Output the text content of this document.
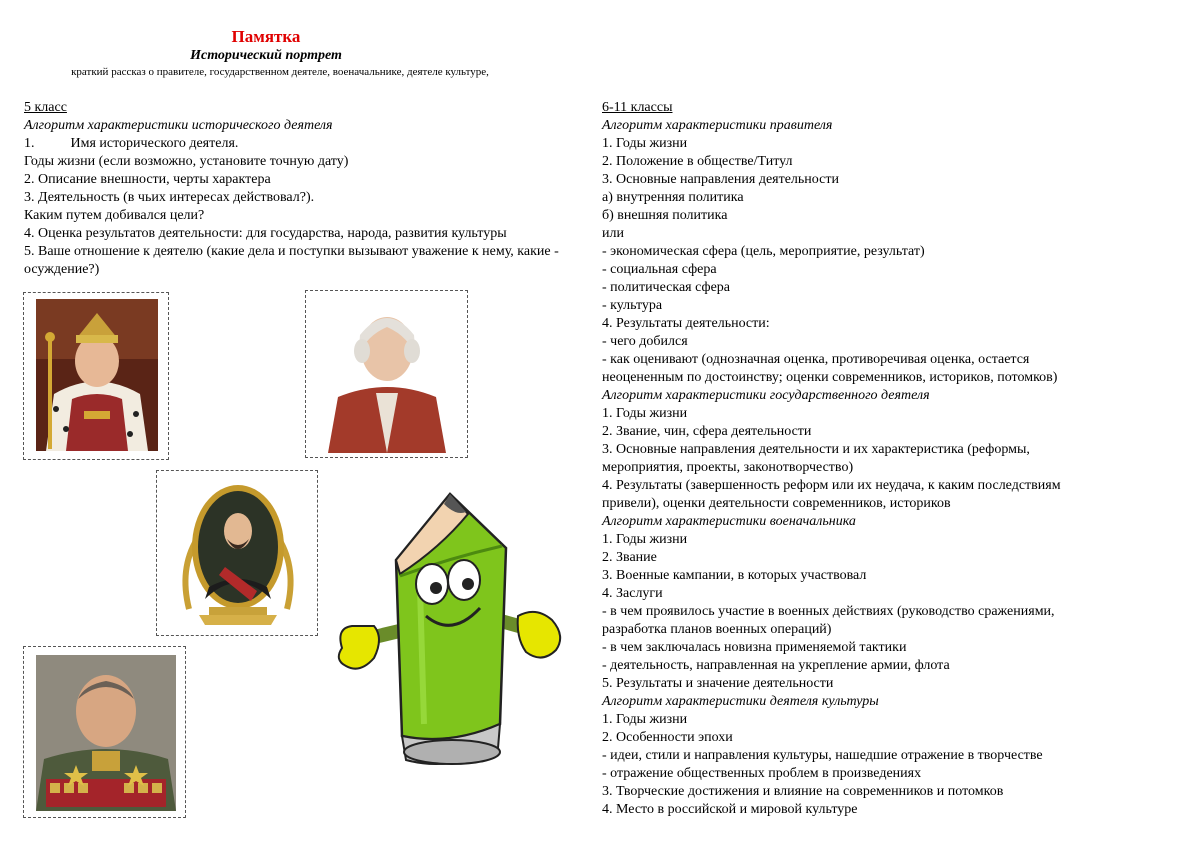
Памятка
Исторический портрет
краткий рассказ о правителе, государственном деятеле, военачальнике, деятеле культуре,
5 класс
Алгоритм характеристики исторического деятеля
1.	Имя исторического деятеля.
Годы жизни (если возможно, установите точную дату)
2. Описание внешности, черты характера
3. Деятельность (в чьих интересах действовал?).
Каким путем добивался цели?
4. Оценка результатов деятельности: для государства, народа, развития культуры
5. Ваше отношение к деятелю (какие дела и поступки вызывают уважение к нему, какие - осуждение?)
6-11 классы
Алгоритм характеристики правителя
1. Годы жизни
2. Положение в обществе/Титул
3. Основные направления деятельности
а) внутренняя политика
б) внешняя политика
или
- экономическая сфера (цель, мероприятие, результат)
- социальная сфера
- политическая сфера
- культура
4. Результаты деятельности:
- чего добился
- как оценивают (однозначная оценка, противоречивая оценка, остается
неоцененным по достоинству; оценки современников, историков, потомков)
Алгоритм характеристики государственного деятеля
1. Годы жизни
2. Звание, чин, сфера деятельности
3. Основные направления деятельности и их характеристика (реформы,
мероприятия, проекты, законотворчество)
4. Результаты (завершенность реформ или их неудача, к каким последствиям
привели), оценки деятельности современников, историков
Алгоритм характеристики военачальника
1. Годы жизни
2. Звание
3. Военные кампании, в которых участвовал
4. Заслуги
- в чем проявилось участие в военных действиях (руководство сражениями,
разработка планов военных операций)
- в чем заключалась новизна применяемой тактики
- деятельность, направленная на укрепление армии, флота
5. Результаты и значение деятельности
Алгоритм характеристики деятеля культуры
1. Годы жизни
2. Особенности эпохи
- идеи, стили и направления культуры, нашедшие отражение в творчестве
- отражение общественных проблем в произведениях
3. Творческие достижения и влияние на современников и потомков
4. Место в российской и мировой культуре
